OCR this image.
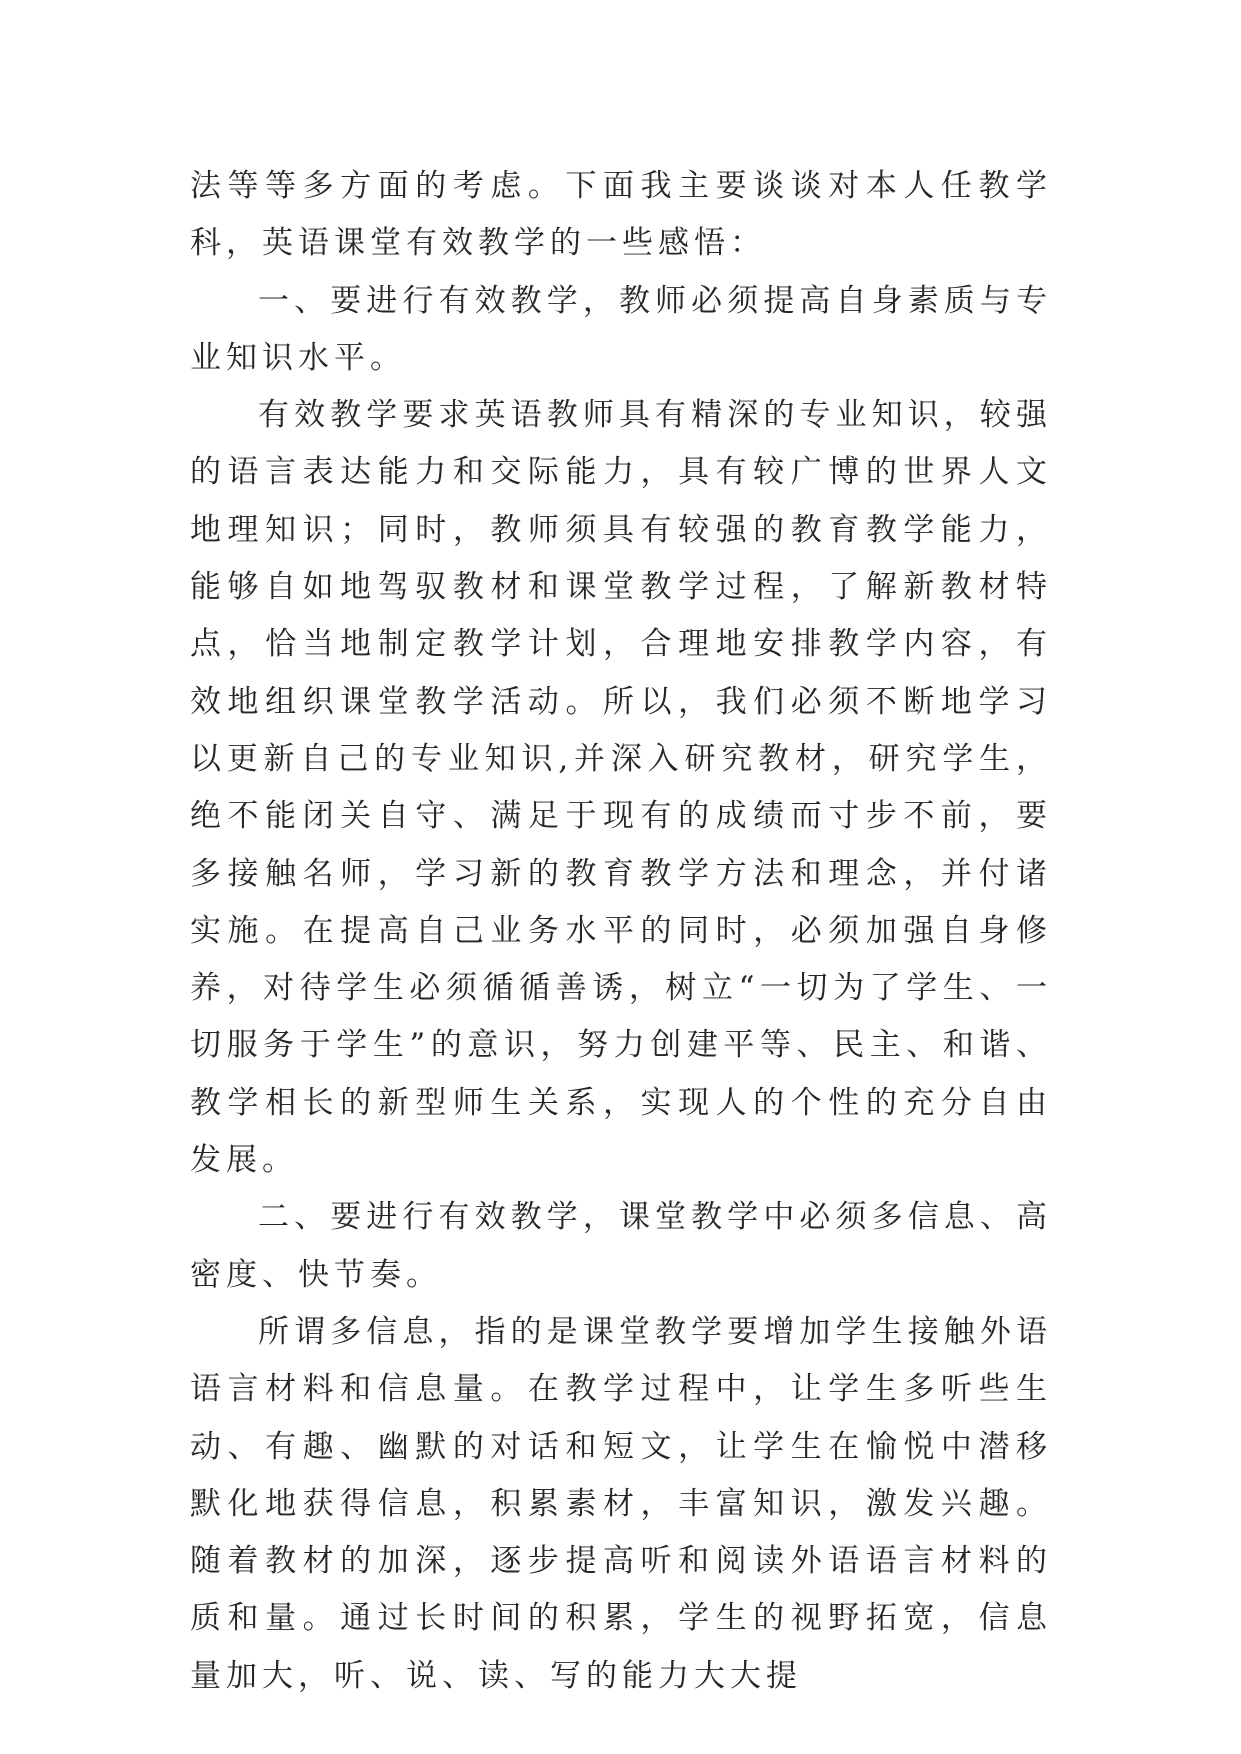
法等等多方面的考虑。下面我主要谈谈对本人任教学科，英语课堂有效教学的一些感悟：

一、要进行有效教学，教师必须提高自身素质与专业知识水平。

有效教学要求英语教师具有精深的专业知识，较强的语言表达能力和交际能力，具有较广博的世界人文地理知识；同时，教师须具有较强的教育教学能力，能够自如地驾驭教材和课堂教学过程，了解新教材特点，恰当地制定教学计划，合理地安排教学内容，有效地组织课堂教学活动。所以，我们必须不断地学习以更新自己的专业知识,并深入研究教材，研究学生，绝不能闭关自守、满足于现有的成绩而寸步不前，要多接触名师，学习新的教育教学方法和理念，并付诸实施。在提高自己业务水平的同时，必须加强自身修养，对待学生必须循循善诱，树立“一切为了学生、一切服务于学生”的意识，努力创建平等、民主、和谐、教学相长的新型师生关系，实现人的个性的充分自由发展。

二、要进行有效教学，课堂教学中必须多信息、高密度、快节奏。

所谓多信息，指的是课堂教学要增加学生接触外语语言材料和信息量。在教学过程中，让学生多听些生动、有趣、幽默的对话和短文，让学生在愉悦中潜移默化地获得信息，积累素材，丰富知识，激发兴趣。随着教材的加深，逐步提高听和阅读外语语言材料的质和量。通过长时间的积累，学生的视野拓宽，信息量加大，听、说、读、写的能力大大提
